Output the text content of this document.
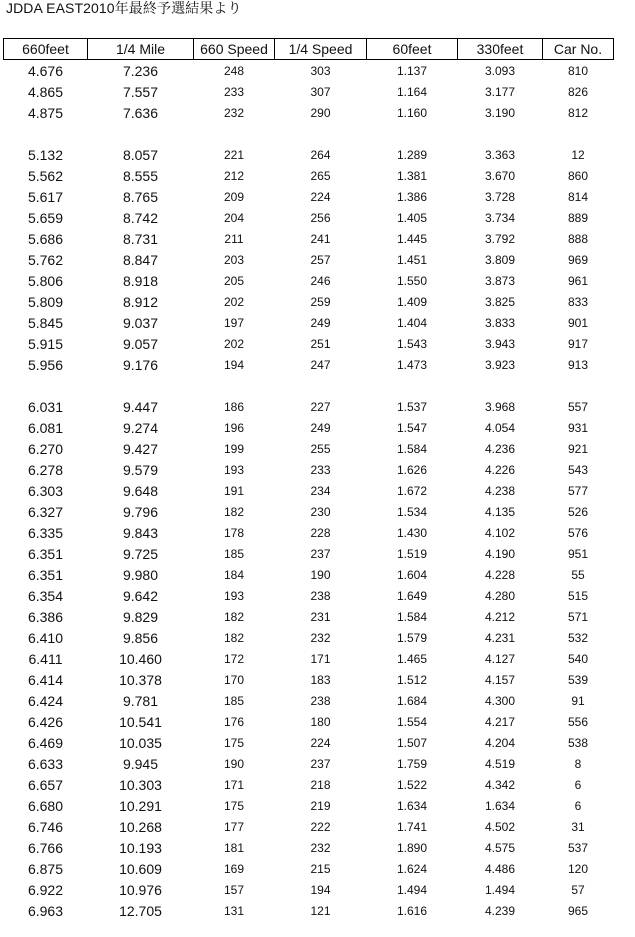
JDDA EAST2010年最終予選結果より
660feet	1/4 Mile	660 Speed	1/4 Speed	60feet	330feet	Car No.
4.676	7.236	248	303	1.137	3.093	810
4.865	7.557	233	307	1.164	3.177	826
4.875	7.636	232	290	1.160	3.190	812

5.132	8.057	221	264	1.289	3.363	12
5.562	8.555	212	265	1.381	3.670	860
5.617	8.765	209	224	1.386	3.728	814
5.659	8.742	204	256	1.405	3.734	889
5.686	8.731	211	241	1.445	3.792	888
5.762	8.847	203	257	1.451	3.809	969
5.806	8.918	205	246	1.550	3.873	961
5.809	8.912	202	259	1.409	3.825	833
5.845	9.037	197	249	1.404	3.833	901
5.915	9.057	202	251	1.543	3.943	917
5.956	9.176	194	247	1.473	3.923	913

6.031	9.447	186	227	1.537	3.968	557
6.081	9.274	196	249	1.547	4.054	931
6.270	9.427	199	255	1.584	4.236	921
6.278	9.579	193	233	1.626	4.226	543
6.303	9.648	191	234	1.672	4.238	577
6.327	9.796	182	230	1.534	4.135	526
6.335	9.843	178	228	1.430	4.102	576
6.351	9.725	185	237	1.519	4.190	951
6.351	9.980	184	190	1.604	4.228	55
6.354	9.642	193	238	1.649	4.280	515
6.386	9.829	182	231	1.584	4.212	571
6.410	9.856	182	232	1.579	4.231	532
6.411	10.460	172	171	1.465	4.127	540
6.414	10.378	170	183	1.512	4.157	539
6.424	9.781	185	238	1.684	4.300	91
6.426	10.541	176	180	1.554	4.217	556
6.469	10.035	175	224	1.507	4.204	538
6.633	9.945	190	237	1.759	4.519	8
6.657	10.303	171	218	1.522	4.342	6
6.680	10.291	175	219	1.634	1.634	6
6.746	10.268	177	222	1.741	4.502	31
6.766	10.193	181	232	1.890	4.575	537
6.875	10.609	169	215	1.624	4.486	120
6.922	10.976	157	194	1.494	1.494	57
6.963	12.705	131	121	1.616	4.239	965
